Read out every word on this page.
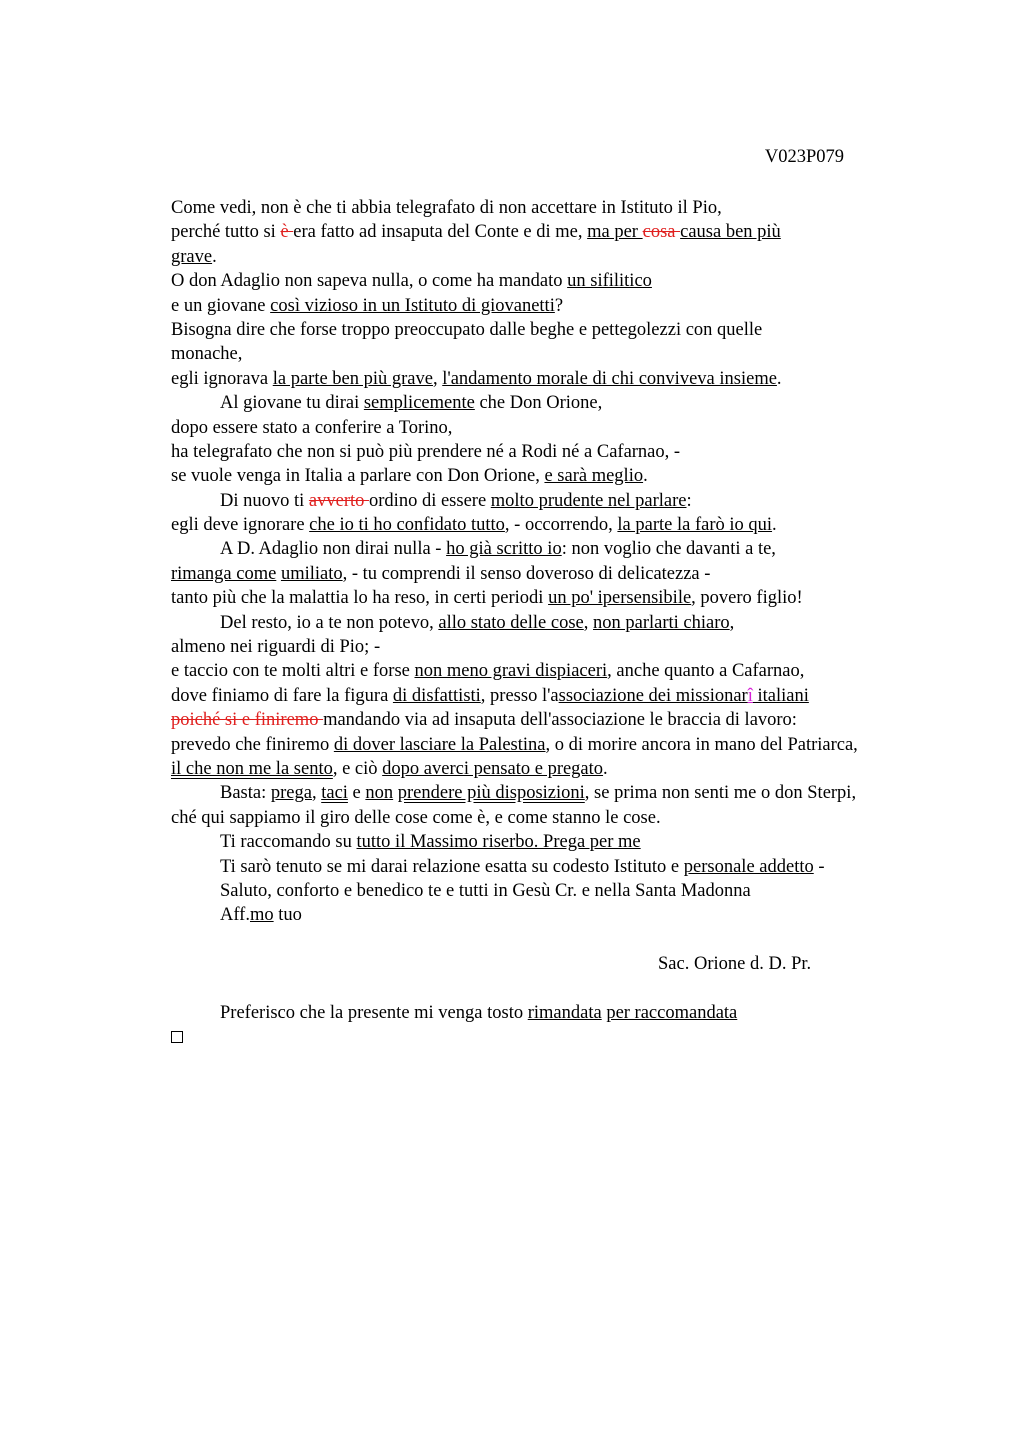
V023P079
Come vedi, non è che ti abbia telegrafato di non accettare in Istituto il Pio,
perché tutto si è era fatto ad insaputa del Conte e di me, ma per cosa causa ben più
grave.
O don Adaglio non sapeva nulla, o come ha mandato un sifilitico
e un giovane così vizioso in un Istituto di giovanetti?
Bisogna dire che forse troppo preoccupato dalle beghe e pettegolezzi con quelle
monache,
egli ignorava la parte ben più grave, l'andamento morale di chi conviveva insieme.
Al giovane tu dirai semplicemente che Don Orione,
dopo essere stato a conferire a Torino,
ha telegrafato che non si può più prendere né a Rodi né a Cafarnao, -
se vuole venga in Italia a parlare con Don Orione, e sarà meglio.
Di nuovo ti avverto ordino di essere molto prudente nel parlare:
egli deve ignorare che io ti ho confidato tutto, - occorrendo, la parte la farò io qui.
A D. Adaglio non dirai nulla - ho già scritto io: non voglio che davanti a te,
rimanga come umiliato, - tu comprendi il senso doveroso di delicatezza -
tanto più che la malattia lo ha reso, in certi periodi un po' ipersensibile, povero figlio!
Del resto, io a te non potevo, allo stato delle cose, non parlarti chiaro,
almeno nei riguardi di Pio; -
e taccio con te molti altri e forse non meno gravi dispiaceri, anche quanto a Cafarnao,
dove finiamo di fare la figura di disfattisti, presso l'associazione dei missionarî italiani
poiché si e finiremo mandando via ad insaputa dell'associazione le braccia di lavoro:
prevedo che finiremo di dover lasciare la Palestina, o di morire ancora in mano del Patriarca,
il che non me la sento, e ciò dopo averci pensato e pregato.
Basta: prega, taci e non prendere più disposizioni, se prima non senti me o don Sterpi,
ché qui sappiamo il giro delle cose come è, e come stanno le cose.
Ti raccomando su tutto il Massimo riserbo. Prega per me
Ti sarò tenuto se mi darai relazione esatta su codesto Istituto e personale addetto -
Saluto, conforto e benedico te e tutti in Gesù Cr. e nella Santa Madonna
Aff.mo tuo
Sac. Orione d. D. Pr.
Preferisco che la presente mi venga tosto rimandata per raccomandata
